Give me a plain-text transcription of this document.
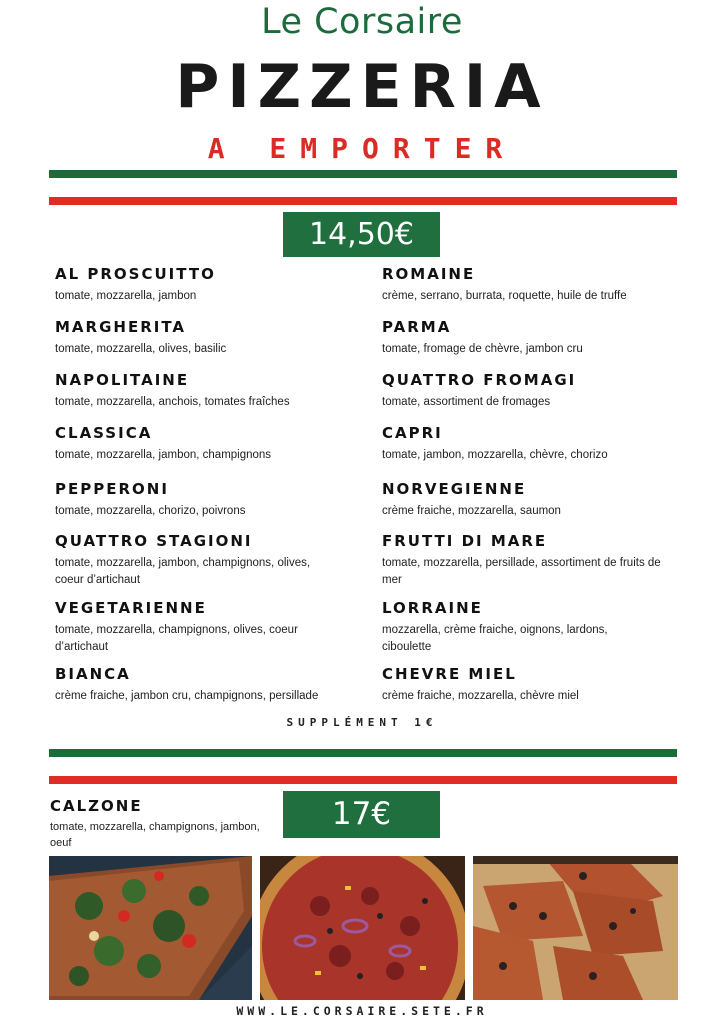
Le Corsaire
PIZZERIA
A EMPORTER
14,50€
AL PROSCUITTO
tomate, mozzarella, jambon
MARGHERITA
tomate, mozzarella, olives, basilic
NAPOLITAINE
tomate, mozzarella, anchois, tomates fraîches
CLASSICA
tomate, mozzarella, jambon, champignons
PEPPERONI
tomate, mozzarella, chorizo, poivrons
QUATTRO STAGIONI
tomate, mozzarella, jambon, champignons, olives, coeur d’artichaut
VEGETARIENNE
tomate, mozzarella, champignons, olives, coeur d’artichaut
BIANCA
crème fraiche, jambon cru, champignons, persillade
ROMAINE
crème, serrano, burrata, roquette, huile de truffe
PARMA
tomate, fromage de chèvre, jambon cru
QUATTRO FROMAGI
tomate, assortiment de fromages
CAPRI
tomate, jambon, mozzarella, chèvre, chorizo
NORVEGIENNE
crème fraiche, mozzarella, saumon
FRUTTI DI MARE
tomate, mozzarella, persillade, assortiment de fruits de mer
LORRAINE
mozzarella, crème fraiche, oignons, lardons, ciboulette
CHEVRE MIEL
crème fraiche, mozzarella, chèvre miel
SUPPLÉMENT 1€
CALZONE
tomate, mozzarella, champignons, jambon, oeuf
17€
WWW.LE.CORSAIRE.SETE.FR
